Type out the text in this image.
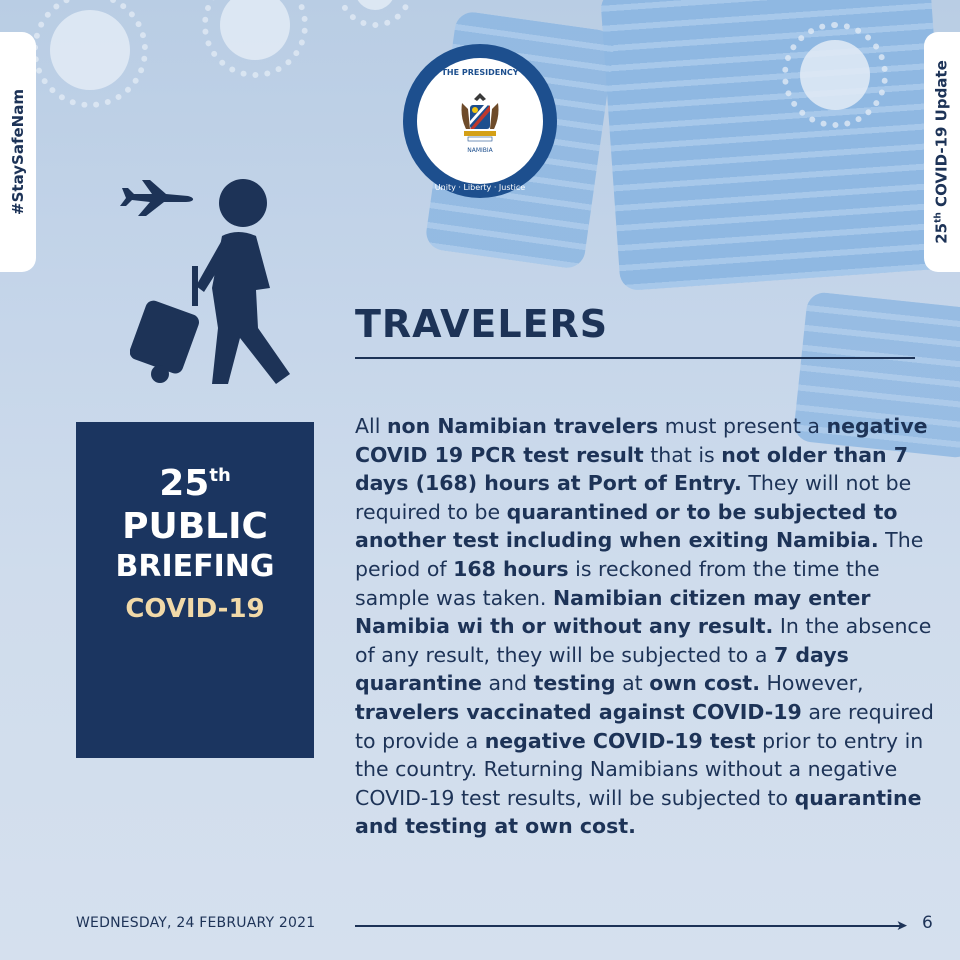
#StaySafeNam
25th COVID-19 Update
THE PRESIDENCY
NAMIBIA
Unity · Liberty · Justice
TRAVELERS
25th
PUBLIC
BRIEFING
COVID-19
All non Namibian travelers must present a negative COVID 19 PCR test result that is not older than 7 days (168) hours at Port of Entry. They will not be required to be quarantined or to be subjected to another test including when exiting Namibia. The period of 168 hours is reckoned from the time the sample was taken. Namibian citizen may enter Namibia wi th or without any result. In the absence of any result, they will be subjected to a 7 days quarantine and testing at own cost. However, travelers vaccinated against COVID-19 are required to provide a negative COVID-19 test prior to entry in the country. Returning Namibians without a negative COVID-19 test results, will be subjected to quarantine and testing at own cost.
WEDNESDAY, 24 FEBRUARY 2021	➤ 6
